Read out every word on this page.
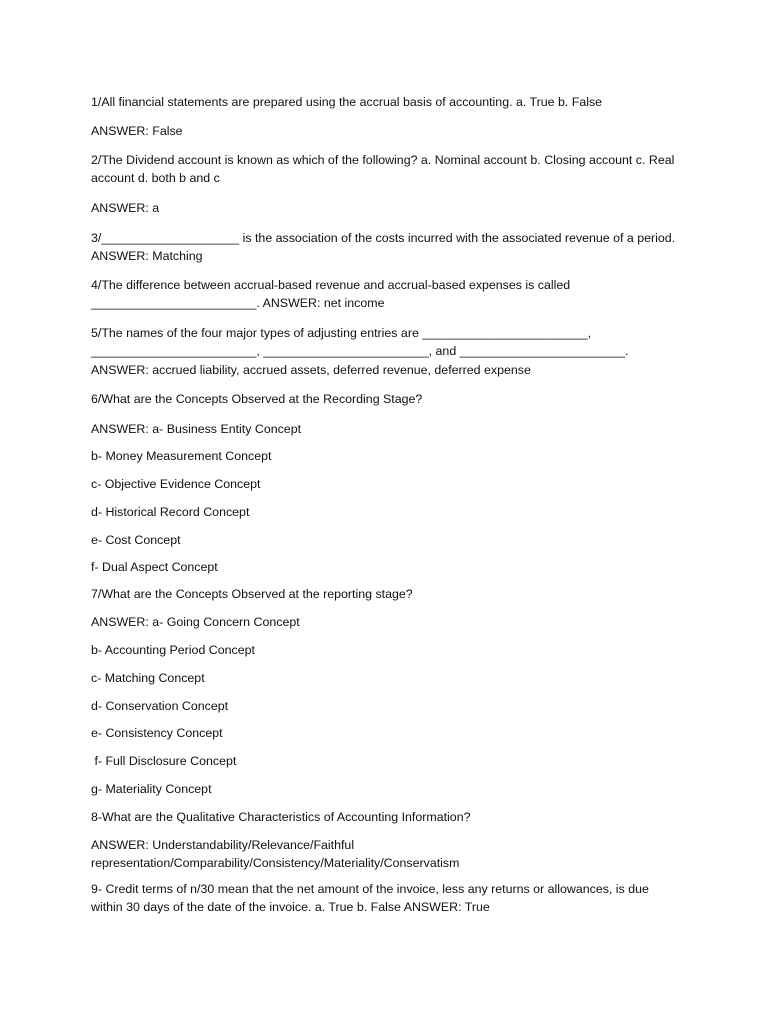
1/All financial statements are prepared using the accrual basis of accounting. a. True b. False

ANSWER: False

2/The Dividend account is known as which of the following? a. Nominal account b. Closing account c. Real account d. both b and c

ANSWER: a

3/____________________ is the association of the costs incurred with the associated revenue of a period. ANSWER: Matching

4/The difference between accrual-based revenue and accrual-based expenses is called ________________________. ANSWER: net income

5/The names of the four major types of adjusting entries are ________________________, ________________________, ________________________, and ________________________.

ANSWER: accrued liability, accrued assets, deferred revenue, deferred expense

6/What are the Concepts Observed at the Recording Stage?

ANSWER: a- Business Entity Concept

b- Money Measurement Concept

c- Objective Evidence Concept

d- Historical Record Concept

e- Cost Concept

f- Dual Aspect Concept

7/What are the Concepts Observed at the reporting stage?

ANSWER: a- Going Concern Concept

b- Accounting Period Concept

c- Matching Concept

d- Conservation Concept

e- Consistency Concept

f- Full Disclosure Concept

g- Materiality Concept

8-What are the Qualitative Characteristics of Accounting Information?

ANSWER: Understandability/Relevance/Faithful representation/Comparability/Consistency/Materiality/Conservatism

9- Credit terms of n/30 mean that the net amount of the invoice, less any returns or allowances, is due within 30 days of the date of the invoice. a. True b. False ANSWER: True
